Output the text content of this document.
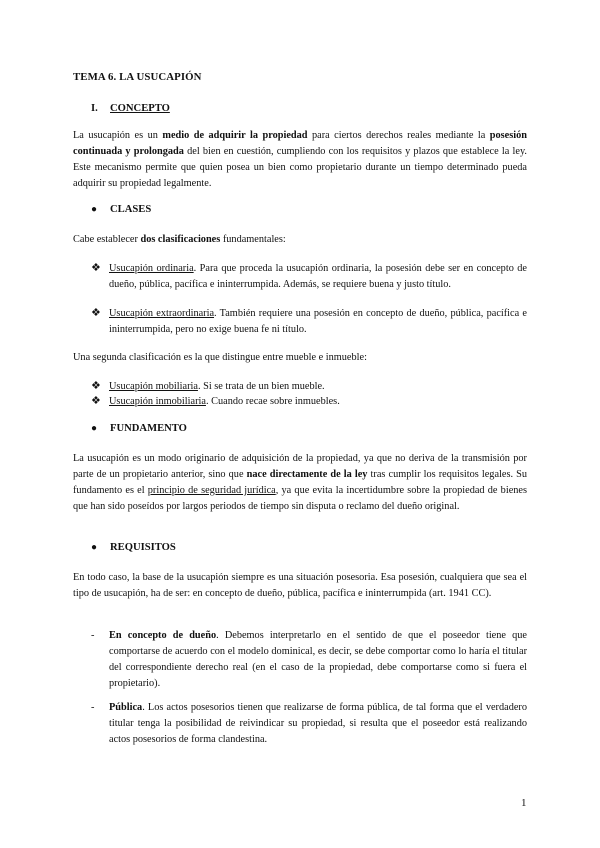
TEMA 6. LA USUCAPIÓN
I. CONCEPTO
La usucapión es un medio de adquirir la propiedad para ciertos derechos reales mediante la posesión continuada y prolongada del bien en cuestión, cumpliendo con los requisitos y plazos que establece la ley. Este mecanismo permite que quien posea un bien como propietario durante un tiempo determinado pueda adquirir su propiedad legalmente.
● CLASES
Cabe establecer dos clasificaciones fundamentales:
❖ Usucapión ordinaria. Para que proceda la usucapión ordinaria, la posesión debe ser en concepto de dueño, pública, pacífica e ininterrumpida. Además, se requiere buena y justo título.
❖ Usucapión extraordinaria. También requiere una posesión en concepto de dueño, pública, pacífica e ininterrumpida, pero no exige buena fe ni título.
Una segunda clasificación es la que distingue entre mueble e inmueble:
❖ Usucapión mobiliaria. Si se trata de un bien mueble.
❖ Usucapión inmobiliaria. Cuando recae sobre inmuebles.
● FUNDAMENTO
La usucapión es un modo originario de adquisición de la propiedad, ya que no deriva de la transmisión por parte de un propietario anterior, sino que nace directamente de la ley tras cumplir los requisitos legales. Su fundamento es el principio de seguridad jurídica, ya que evita la incertidumbre sobre la propiedad de bienes que han sido poseídos por largos periodos de tiempo sin disputa o reclamo del dueño original.
● REQUISITOS
En todo caso, la base de la usucapión siempre es una situación posesoria. Esa posesión, cualquiera que sea el tipo de usucapión, ha de ser: en concepto de dueño, pública, pacífica e ininterrumpida (art. 1941 CC).
- En concepto de dueño. Debemos interpretarlo en el sentido de que el poseedor tiene que comportarse de acuerdo con el modelo dominical, es decir, se debe comportar como lo haría el titular del correspondiente derecho real (en el caso de la propiedad, debe comportarse como si fuera el propietario).
- Pública. Los actos posesorios tienen que realizarse de forma pública, de tal forma que el verdadero titular tenga la posibilidad de reivindicar su propiedad, si resulta que el poseedor está realizando actos posesorios de forma clandestina.
1
